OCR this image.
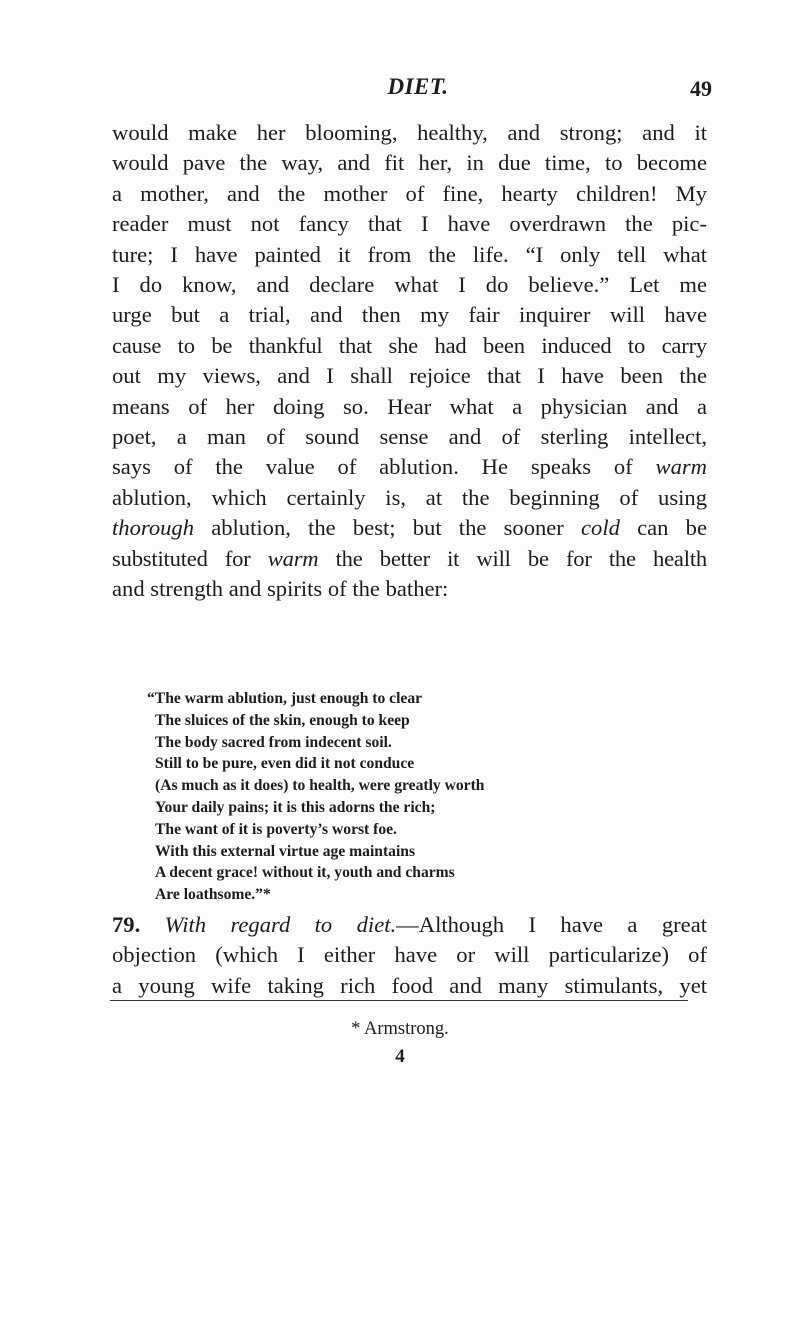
DIET.	49
would make her blooming, healthy, and strong; and it
would pave the way, and fit her, in due time, to become
a mother, and the mother of fine, hearty children! My
reader must not fancy that I have overdrawn the pic-
ture; I have painted it from the life. “I only tell what
I do know, and declare what I do believe.” Let me
urge but a trial, and then my fair inquirer will have
cause to be thankful that she had been induced to carry
out my views, and I shall rejoice that I have been the
means of her doing so. Hear what a physician and a
poet, a man of sound sense and of sterling intellect,
says of the value of ablution. He speaks of warm
ablution, which certainly is, at the beginning of using
thorough ablution, the best; but the sooner cold can be
substituted for warm the better it will be for the health
and strength and spirits of the bather:
“The warm ablution, just enough to clear
The sluices of the skin, enough to keep
The body sacred from indecent soil.
Still to be pure, even did it not conduce
(As much as it does) to health, were greatly worth
Your daily pains; it is this adorns the rich;
The want of it is poverty’s worst foe.
With this external virtue age maintains
A decent grace! without it, youth and charms
Are loathsome.”*
79. With regard to diet.—Although I have a great
objection (which I either have or will particularize) of
a young wife taking rich food and many stimulants, yet
* Armstrong.
4
